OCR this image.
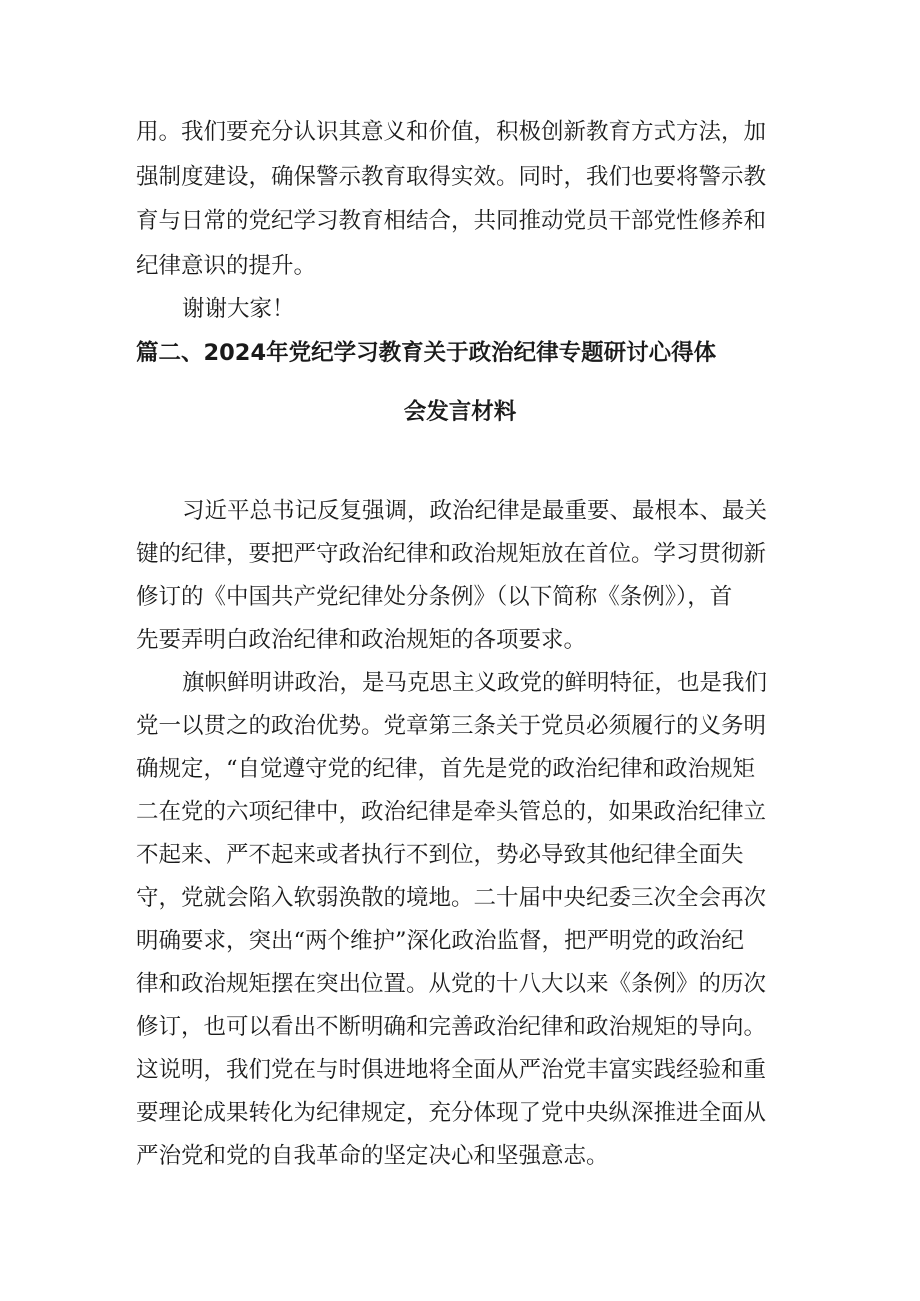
用。我们要充分认识其意义和价值，积极创新教育方式方法，加
强制度建设，确保警示教育取得实效。同时，我们也要将警示教
育与日常的党纪学习教育相结合，共同推动党员干部党性修养和
纪律意识的提升。
谢谢大家！
篇二、2024年党纪学习教育关于政治纪律专题研讨心得体
会发言材料
习近平总书记反复强调，政治纪律是最重要、最根本、最关
键的纪律，要把严守政治纪律和政治规矩放在首位。学习贯彻新
修订的《中国共产党纪律处分条例》（以下简称《条例》），首
先要弄明白政治纪律和政治规矩的各项要求。
旗帜鲜明讲政治，是马克思主义政党的鲜明特征，也是我们
党一以贯之的政治优势。党章第三条关于党员必须履行的义务明
确规定，“自觉遵守党的纪律，首先是党的政治纪律和政治规矩
二在党的六项纪律中，政治纪律是牵头管总的，如果政治纪律立
不起来、严不起来或者执行不到位，势必导致其他纪律全面失
守，党就会陷入软弱涣散的境地。二十届中央纪委三次全会再次
明确要求，突出“两个维护”深化政治监督，把严明党的政治纪
律和政治规矩摆在突出位置。从党的十八大以来《条例》的历次
修订，也可以看出不断明确和完善政治纪律和政治规矩的导向。
这说明，我们党在与时俱进地将全面从严治党丰富实践经验和重
要理论成果转化为纪律规定，充分体现了党中央纵深推进全面从
严治党和党的自我革命的坚定决心和坚强意志。
